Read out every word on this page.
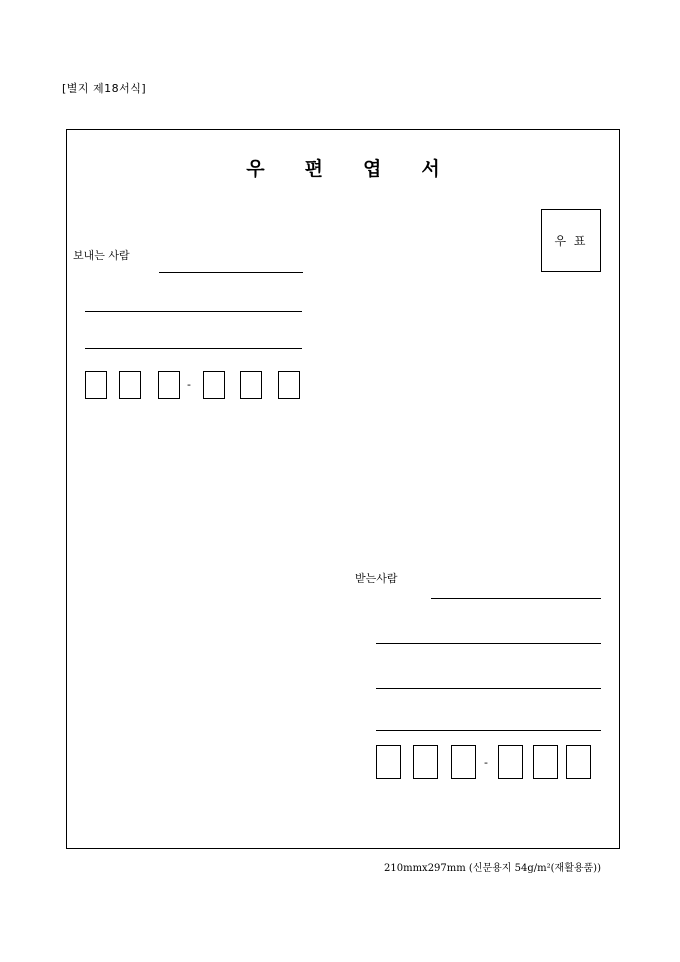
[별지 제18서식]
우 편 엽 서
우 표
보내는 사람
-
받는사람
-
210mmx297mm (신문용지 54g/m²(재활용품))
